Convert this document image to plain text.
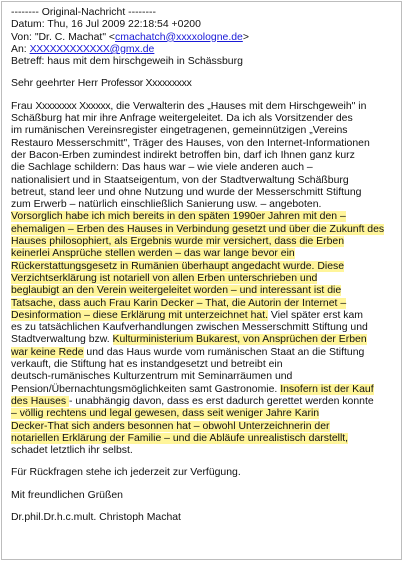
-------- Original-Nachricht --------
Datum: Thu, 16 Jul 2009 22:18:54 +0200
Von: "Dr. C. Machat" <cmachatch@xxxxologne.de>
An: XXXXXXXXXXXX@gmx.de
Betreff: haus mit dem hirschgeweih in Schässburg

Sehr geehrter Herr Professor Xxxxxxxxx

Frau Xxxxxxxx Xxxxxx, die Verwalterin des „Hauses mit dem Hirschgeweih" in
Schäßburg hat mir ihre Anfrage weitergeleitet. Da ich als Vorsitzender des
im rumänischen Vereinsregister eingetragenen, gemeinnützigen „Vereins
Restauro Messerschmitt", Träger des Hauses, von den Internet-Informationen
der Bacon-Erben zumindest indirekt betroffen bin, darf ich Ihnen ganz kurz
die Sachlage schildern: Das haus war – wie viele anderen auch –
nationalisiert und in Staatseigentum, von der Stadtverwaltung Schäßburg
betreut, stand leer und ohne Nutzung und wurde der Messerschmitt Stiftung
zum Erwerb – natürlich einschließlich Sanierung usw. – angeboten.
Vorsorglich habe ich mich bereits in den späten 1990er Jahren mit den –
ehemaligen – Erben des Hauses in Verbindung gesetzt und über die Zukunft des
Hauses philosophiert, als Ergebnis wurde mir versichert, dass die Erben
keinerlei Ansprüche stellen werden – das war lange bevor ein
Rückerstattungsgesetz in Rumänien überhaupt angedacht wurde. Diese
Verzichtserklärung ist notariell von allen Erben unterschrieben und
beglaubigt an den Verein weitergeleitet worden – und interessant ist die
Tatsache, dass auch Frau Karin Decker – That, die Autorin der Internet –
Desinformation – diese Erklärung mit unterzeichnet hat. Viel später erst kam
es zu tatsächlichen Kaufverhandlungen zwischen Messerschmitt Stiftung und
Stadtverwaltung bzw. Kulturministerium Bukarest, von Ansprüchen der Erben
war keine Rede und das Haus wurde vom rumänischen Staat an die Stiftung
verkauft, die Stiftung hat es instandgesetzt und betreibt ein
deutsch-rumänisches Kulturzentrum mit Seminarräumen und
Pension/Übernachtungsmöglichkeiten samt Gastronomie. Insofern ist der Kauf
des Hauses - unabhängig davon, dass es erst dadurch gerettet werden konnte
– völlig rechtens und legal gewesen, dass seit weniger Jahre Karin
Decker-That sich anders besonnen hat – obwohl Unterzeichnerin der
notariellen Erklärung der Familie – und die Abläufe unrealistisch darstellt,
schadet letztlich ihr selbst.

Für Rückfragen stehe ich jederzeit zur Verfügung.

Mit freundlichen Grüßen

Dr.phil.Dr.h.c.mult. Christoph Machat
